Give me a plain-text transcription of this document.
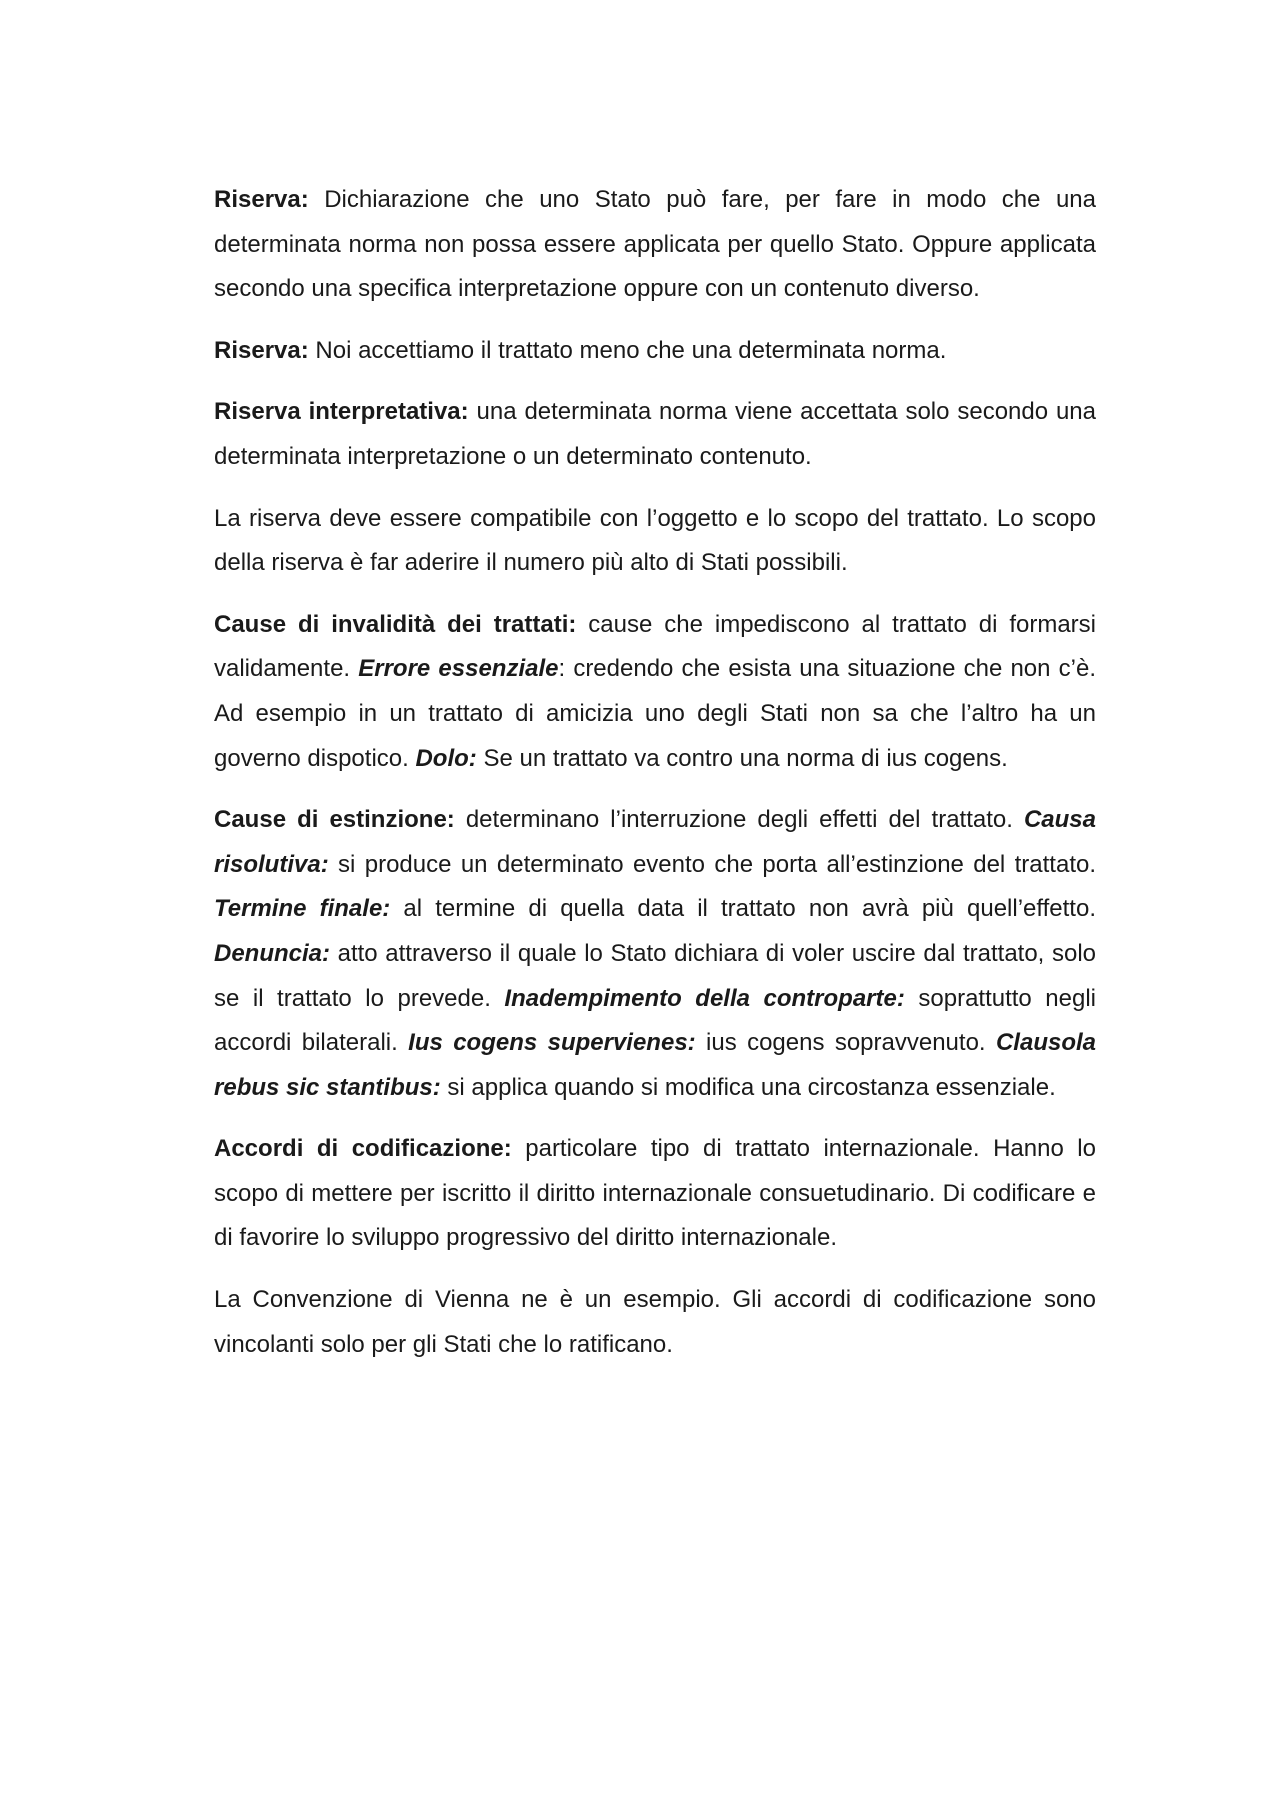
Riserva: Dichiarazione che uno Stato può fare, per fare in modo che una determinata norma non possa essere applicata per quello Stato. Oppure applicata secondo una specifica interpretazione oppure con un contenuto diverso.

Riserva: Noi accettiamo il trattato meno che una determinata norma.

Riserva interpretativa: una determinata norma viene accettata solo secondo una determinata interpretazione o un determinato contenuto.

La riserva deve essere compatibile con l’oggetto e lo scopo del trattato. Lo scopo della riserva è far aderire il numero più alto di Stati possibili.

Cause di invalidità dei trattati: cause che impediscono al trattato di formarsi validamente. Errore essenziale: credendo che esista una situazione che non c’è. Ad esempio in un trattato di amicizia uno degli Stati non sa che l’altro ha un governo dispotico. Dolo: Se un trattato va contro una norma di ius cogens.

Cause di estinzione: determinano l’interruzione degli effetti del trattato. Causa risolutiva: si produce un determinato evento che porta all’estinzione del trattato. Termine finale: al termine di quella data il trattato non avrà più quell’effetto. Denuncia: atto attraverso il quale lo Stato dichiara di voler uscire dal trattato, solo se il trattato lo prevede. Inadempimento della controparte: soprattutto negli accordi bilaterali. Ius cogens supervienes: ius cogens sopravvenuto. Clausola rebus sic stantibus: si applica quando si modifica una circostanza essenziale.

Accordi di codificazione: particolare tipo di trattato internazionale. Hanno lo scopo di mettere per iscritto il diritto internazionale consuetudinario. Di codificare e di favorire lo sviluppo progressivo del diritto internazionale.

La Convenzione di Vienna ne è un esempio. Gli accordi di codificazione sono vincolanti solo per gli Stati che lo ratificano.
